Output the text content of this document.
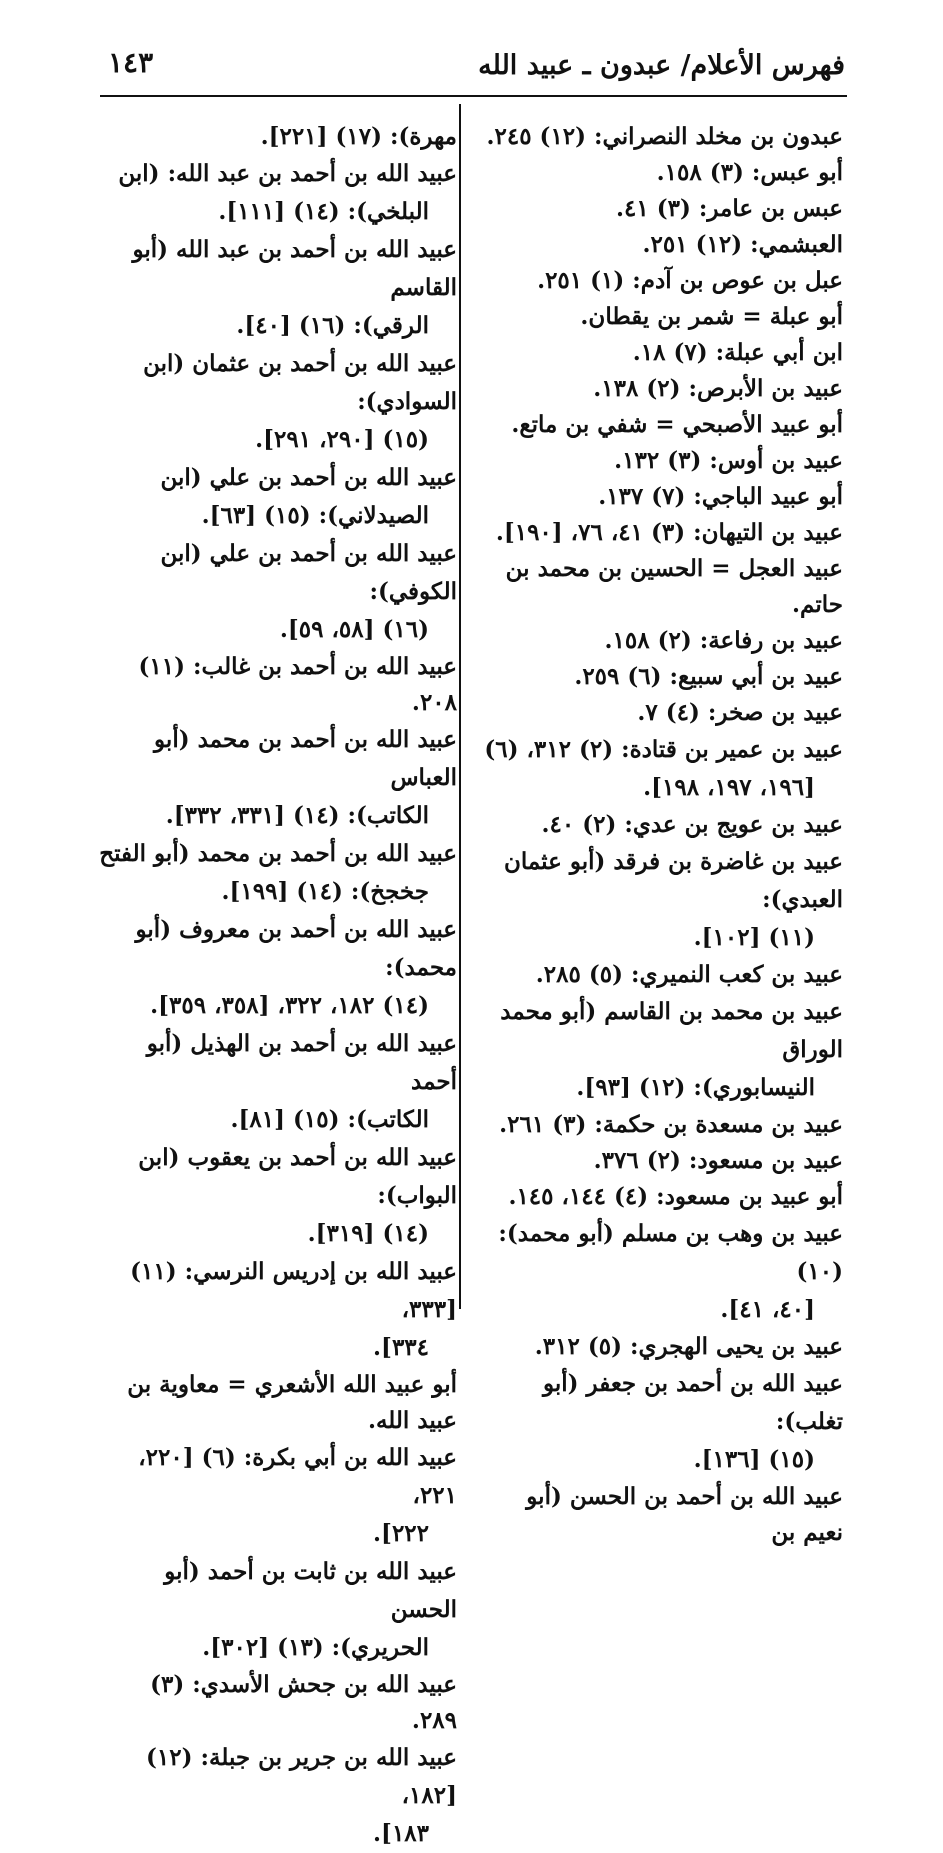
فهرس الأعلام/ عبدون ـ عبيد الله
١٤٣
عبدون بن مخلد النصراني: (١٢) ٢٤٥.
أبو عبس: (٣) ١٥٨.
عبس بن عامر: (٣) ٤١.
العبشمي: (١٢) ٢٥١.
عبل بن عوص بن آدم: (١) ٢٥١.
أبو عبلة = شمر بن يقطان.
ابن أبي عبلة: (٧) ١٨.
عبيد بن الأبرص: (٢) ١٣٨.
أبو عبيد الأصبحي = شفي بن ماتع.
عبيد بن أوس: (٣) ١٣٢.
أبو عبيد الباجي: (٧) ١٣٧.
عبيد بن التيهان: (٣) ٤١، ٧٦، [١٩٠].
عبيد العجل = الحسين بن محمد بن حاتم.
عبيد بن رفاعة: (٢) ١٥٨.
عبيد بن أبي سبيع: (٦) ٢٥٩.
عبيد بن صخر: (٤) ٧.
عبيد بن عمير بن قتادة: (٢) ٣١٢، (٦)
[١٩٦، ١٩٧، ١٩٨].
عبيد بن عويج بن عدي: (٢) ٤٠.
عبيد بن غاضرة بن فرقد (أبو عثمان العبدي):
(١١) [١٠٢].
عبيد بن كعب النميري: (٥) ٢٨٥.
عبيد بن محمد بن القاسم (أبو محمد الوراق
النيسابوري): (١٢) [٩٣].
عبيد بن مسعدة بن حكمة: (٣) ٢٦١.
عبيد بن مسعود: (٢) ٣٧٦.
أبو عبيد بن مسعود: (٤) ١٤٤، ١٤٥.
عبيد بن وهب بن مسلم (أبو محمد): (١٠)
[٤٠، ٤١].
عبيد بن يحيى الهجري: (٥) ٣١٢.
عبيد الله بن أحمد بن جعفر (أبو تغلب):
(١٥) [١٣٦].
عبيد الله بن أحمد بن الحسن (أبو نعيم بن
مهرة): (١٧) [٢٢١].
عبيد الله بن أحمد بن عبد الله: (ابن
البلخي): (١٤) [١١١].
عبيد الله بن أحمد بن عبد الله (أبو القاسم
الرقي): (١٦) [٤٠].
عبيد الله بن أحمد بن عثمان (ابن السوادي):
(١٥) [٢٩٠، ٢٩١].
عبيد الله بن أحمد بن علي (ابن
الصيدلاني): (١٥) [٦٣].
عبيد الله بن أحمد بن علي (ابن الكوفي):
(١٦) [٥٨، ٥٩].
عبيد الله بن أحمد بن غالب: (١١) ٢٠٨.
عبيد الله بن أحمد بن محمد (أبو العباس
الكاتب): (١٤) [٣٣١، ٣٣٢].
عبيد الله بن أحمد بن محمد (أبو الفتح
جخجخ): (١٤) [١٩٩].
عبيد الله بن أحمد بن معروف (أبو محمد):
(١٤) ١٨٢، ٣٢٢، [٣٥٨، ٣٥٩].
عبيد الله بن أحمد بن الهذيل (أبو أحمد
الكاتب): (١٥) [٨١].
عبيد الله بن أحمد بن يعقوب (ابن البواب):
(١٤) [٣١٩].
عبيد الله بن إدريس النرسي: (١١) [٣٣٣،
٣٣٤].
أبو عبيد الله الأشعري = معاوية بن عبيد الله.
عبيد الله بن أبي بكرة: (٦) [٢٢٠، ٢٢١،
٢٢٢].
عبيد الله بن ثابت بن أحمد (أبو الحسن
الحريري): (١٣) [٣٠٢].
عبيد الله بن جحش الأسدي: (٣) ٢٨٩.
عبيد الله بن جرير بن جبلة: (١٢) [١٨٢،
١٨٣].
